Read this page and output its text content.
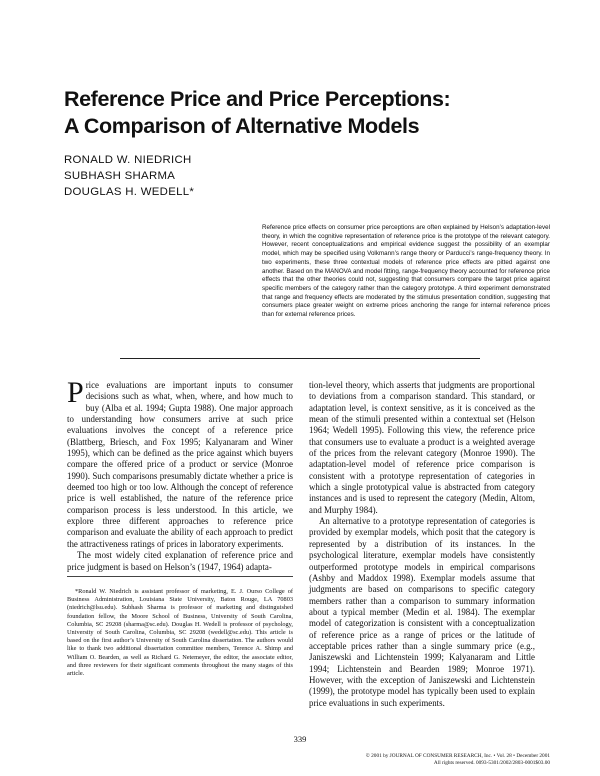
Reference Price and Price Perceptions:
A Comparison of Alternative Models
RONALD W. NIEDRICH
SUBHASH SHARMA
DOUGLAS H. WEDELL*

Reference price effects on consumer price perceptions are often explained by Helson’s adaptation-level theory, in which the cognitive representation of reference price is the prototype of the relevant category. However, recent conceptualizations and empirical evidence suggest the possibility of an exemplar model, which may be specified using Volkmann’s range theory or Parducci’s range-frequency theory. In two experiments, these three contextual models of reference price effects are pitted against one another. Based on the MANOVA and model fitting, range-frequency theory accounted for reference price effects that the other theories could not, suggesting that consumers compare the target price against specific members of the category rather than the category prototype. A third experiment demonstrated that range and frequency effects are moderated by the stimulus presentation condition, suggesting that consumers place greater weight on extreme prices anchoring the range for internal reference prices than for external reference prices.

Price evaluations are important inputs to consumer decisions such as what, when, where, and how much to buy (Alba et al. 1994; Gupta 1988). One major approach to understanding how consumers arrive at such price evaluations involves the concept of a reference price (Blattberg, Briesch, and Fox 1995; Kalyanaram and Winer 1995), which can be defined as the price against which buyers compare the offered price of a product or service (Monroe 1990). Such comparisons presumably dictate whether a price is deemed too high or too low. Although the concept of reference price is well established, the nature of the reference price comparison process is less understood. In this article, we explore three different approaches to reference price comparison and evaluate the ability of each approach to predict the attractiveness ratings of prices in laboratory experiments.

The most widely cited explanation of reference price and price judgment is based on Helson’s (1947, 1964) adapta-

tion-level theory, which asserts that judgments are proportional to deviations from a comparison standard. This standard, or adaptation level, is context sensitive, as it is conceived as the mean of the stimuli presented within a contextual set (Helson 1964; Wedell 1995). Following this view, the reference price that consumers use to evaluate a product is a weighted average of the prices from the relevant category (Monroe 1990). The adaptation-level model of reference price comparison is consistent with a prototype representation of categories in which a single prototypical value is abstracted from category instances and is used to represent the category (Medin, Altom, and Murphy 1984).

An alternative to a prototype representation of categories is provided by exemplar models, which posit that the category is represented by a distribution of its instances. In the psychological literature, exemplar models have consistently outperformed prototype models in empirical comparisons (Ashby and Maddox 1998). Exemplar models assume that judgments are based on comparisons to specific category members rather than a comparison to summary information about a typical member (Medin et al. 1984). The exemplar model of categorization is consistent with a conceptualization of reference price as a range of prices or the latitude of acceptable prices rather than a single summary price (e.g., Janiszewski and Lichtenstein 1999; Kalyanaram and Little 1994; Lichtenstein and Bearden 1989; Monroe 1971). However, with the exception of Janiszewski and Lichtenstein (1999), the prototype model has typically been used to explain price evaluations in such experiments.

*Ronald W. Niedrich is assistant professor of marketing, E. J. Ourso College of Business Administration, Louisiana State University, Baton Rouge, LA 70803 (niedrich@lsu.edu). Subhash Sharma is professor of marketing and distinguished foundation fellow, the Moore School of Business, University of South Carolina, Columbia, SC 29208 (sharma@sc.edu). Douglas H. Wedell is professor of psychology, University of South Carolina, Columbia, SC 29208 (wedell@sc.edu). This article is based on the first author’s University of South Carolina dissertation. The authors would like to thank two additional dissertation committee members, Terence A. Shimp and William O. Bearden, as well as Richard G. Netemeyer, the editor, the associate editor, and three reviewers for their significant comments throughout the many stages of this article.

339
© 2001 by JOURNAL OF CONSUMER RESEARCH, Inc. • Vol. 28 • December 2001
All rights reserved. 0093-5301/2002/2803-0001$03.00
